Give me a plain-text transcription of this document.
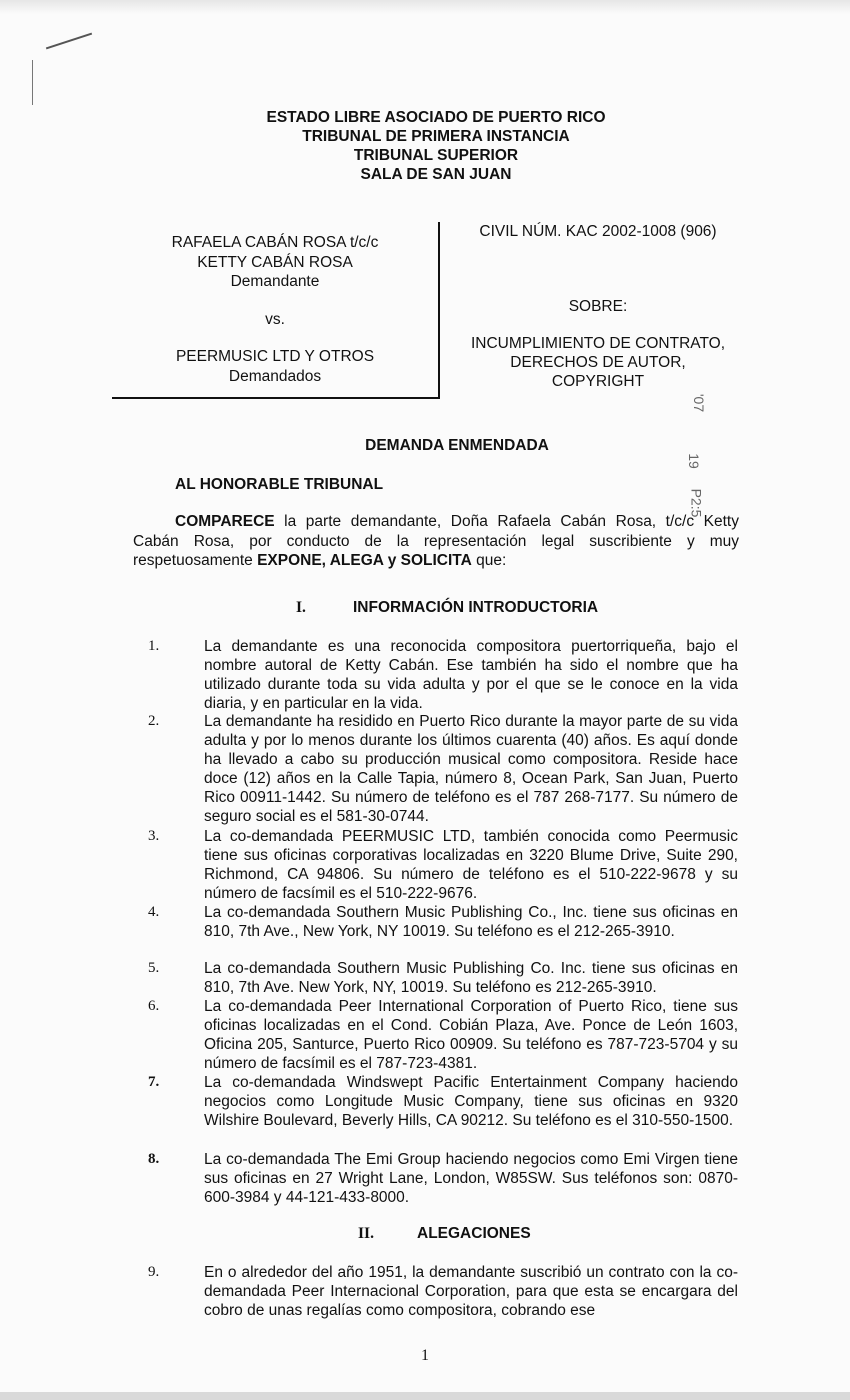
ESTADO LIBRE ASOCIADO DE PUERTO RICO
TRIBUNAL DE PRIMERA INSTANCIA
TRIBUNAL SUPERIOR
SALA DE SAN JUAN
RAFAELA CABÁN ROSA t/c/c
KETTY CABÁN ROSA
Demandante
vs.
PEERMUSIC LTD Y OTROS
Demandados
CIVIL NÚM. KAC 2002-1008 (906)
SOBRE:
INCUMPLIMIENTO DE CONTRATO,
DERECHOS DE AUTOR,
COPYRIGHT
'07
19
P2:5
DEMANDA ENMENDADA
AL HONORABLE TRIBUNAL
COMPARECE la parte demandante, Doña Rafaela Cabán Rosa, t/c/c Ketty Cabán Rosa, por conducto de la representación legal suscribiente y muy respetuosamente EXPONE, ALEGA y SOLICITA que:
I.	INFORMACIÓN INTRODUCTORIA
1.	La demandante es una reconocida compositora puertorriqueña, bajo el nombre autoral de Ketty Cabán. Ese también ha sido el nombre que ha utilizado durante toda su vida adulta y por el que se le conoce en la vida diaria, y en particular en la vida.
2.	La demandante ha residido en Puerto Rico durante la mayor parte de su vida adulta y por lo menos durante los últimos cuarenta (40) años. Es aquí donde ha llevado a cabo su producción musical como compositora. Reside hace doce (12) años en la Calle Tapia, número 8, Ocean Park, San Juan, Puerto Rico 00911-1442. Su número de teléfono es el 787 268-7177. Su número de seguro social es el 581-30-0744.
3.	La co-demandada PEERMUSIC LTD, también conocida como Peermusic tiene sus oficinas corporativas localizadas en 3220 Blume Drive, Suite 290, Richmond, CA 94806. Su número de teléfono es el 510-222-9678 y su número de facsímil es el 510-222-9676.
4.	La co-demandada Southern Music Publishing Co., Inc. tiene sus oficinas en 810, 7th Ave., New York, NY 10019. Su teléfono es el 212-265-3910.
5.	La co-demandada Southern Music Publishing Co. Inc. tiene sus oficinas en 810, 7th Ave. New York, NY, 10019. Su teléfono es 212-265-3910.
6.	La co-demandada Peer International Corporation of Puerto Rico, tiene sus oficinas localizadas en el Cond. Cobián Plaza, Ave. Ponce de León 1603, Oficina 205, Santurce, Puerto Rico 00909. Su teléfono es 787-723-5704 y su número de facsímil es el 787-723-4381.
7.	La co-demandada Windswept Pacific Entertainment Company haciendo negocios como Longitude Music Company, tiene sus oficinas en 9320 Wilshire Boulevard, Beverly Hills, CA 90212. Su teléfono es el 310-550-1500.
8.	La co-demandada The Emi Group haciendo negocios como Emi Virgen tiene sus oficinas en 27 Wright Lane, London, W85SW. Sus teléfonos son: 0870-600-3984 y 44-121-433-8000.
II.	ALEGACIONES
9.	En o alrededor del año 1951, la demandante suscribió un contrato con la co-demandada Peer Internacional Corporation, para que esta se encargara del cobro de unas regalías como compositora, cobrando ese
1
